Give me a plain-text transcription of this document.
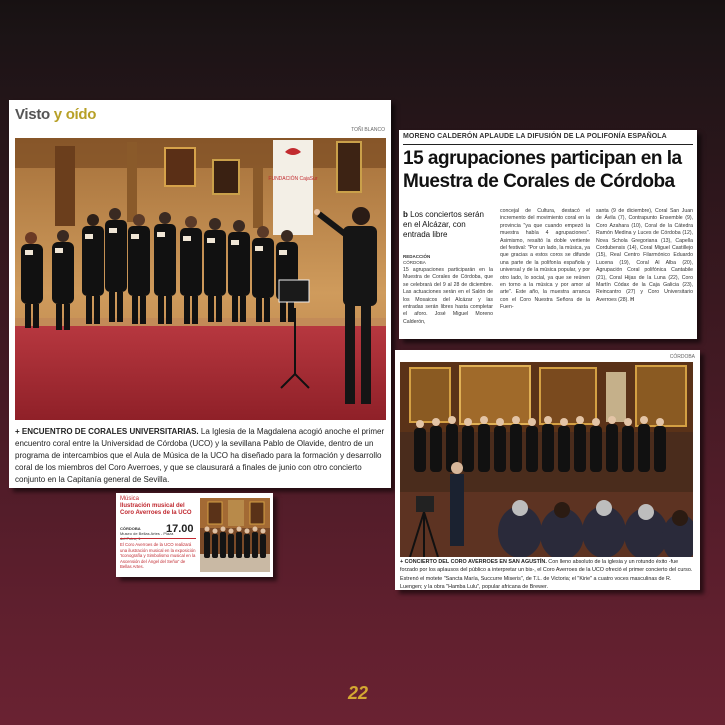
Visto y oído
TOÑI BLANCO
FUNDACIÓN CajaSur
+ ENCUENTRO DE CORALES UNIVERSITARIAS. La Iglesia de la Magdalena acogió anoche el primer encuentro coral entre la Universidad de Córdoba (UCO) y la sevillana Pablo de Olavide, dentro de un programa de intercambios que el Aula de Música de la UCO ha diseñado para la formación y desarrollo coral de los miembros del Coro Averroes, y que se clausurará a finales de junio con otro concierto conjunto en la Capitanía general de Sevilla.
MORENO CALDERÓN APLAUDE LA DIFUSIÓN DE LA POLIFONÍA ESPAÑOLA
15 agrupaciones participan en la Muestra de Corales de Córdoba
b Los conciertos serán en el Alcázar, con entrada libre
REDACCIÓN
CÓRDOBA
15 agrupaciones participarán en la Muestra de Corales de Córdoba, que se celebrará del 9 al 28 de diciembre. Las actuaciones serán en el Salón de los Mosaicos del Alcázar y las entradas serán libres hasta completar el aforo. José Miguel Moreno Calderón,
concejal de Cultura, destacó el incremento del movimiento coral en la provincia "ya que cuando empezó la muestra había 4 agrupaciones". Asimismo, resaltó la doble vertiente del festival: "Por un lado, la música, ya que gracias a estos coros se difunde una parte de la polifonía española y universal y de la música popular, y por otro lado, lo social, ya que se reúnen en torno a la música y por amor al arte". Este año, la muestra arranca con el Coro Nuestra Señora de la Fuen-
santa (9 de diciembre), Coral San Juan de Ávila (7), Contrapunto Ensemble (9), Coro Azahara (10), Coral de la Cátedra Ramón Medina y Luces de Córdoba (12), Nova Schola Gregoriana (13), Capella Cordubensis (14), Coral Miguel Castillejo (15), Real Centro Filarmónico Eduardo Lucena (19), Coral Al Alba (20), Agrupación Coral polifónica Cantabile (21), Coral Hijas de la Luna (22), Coro Martín Códax de la Caja Galicia (23), Reincantro (27) y Coro Universitario Averroes (28). H
CÓRDOBA
+ CONCIERTO DEL CORO AVERROES EN SAN AGUSTÍN. Con lleno absoluto de la iglesia y un rotundo éxito -fue forzado por los aplausos del público a interpretar un bis-, el Coro Averroes de la UCO ofreció el primer concierto del curso. Estrenó el motete "Sancta María, Succurre Miseris", de T.L. de Victoria; el "Kirie" a cuatro voces masculinas de R. Luengen; y la obra "Hamba Lulu", popular africana de Brewer.
Música
Ilustración musical del Coro Averroes de la UCO
CÓRDOBA
Museo de Bellas Artes - Plaza
17.00
El Coro Averroes de la UCO realizará una ilustración musical en la exposición 'Iconografía y Simbolismo musical en la Ascensión del Ángel del Señor' de Bellas Artes.
22
